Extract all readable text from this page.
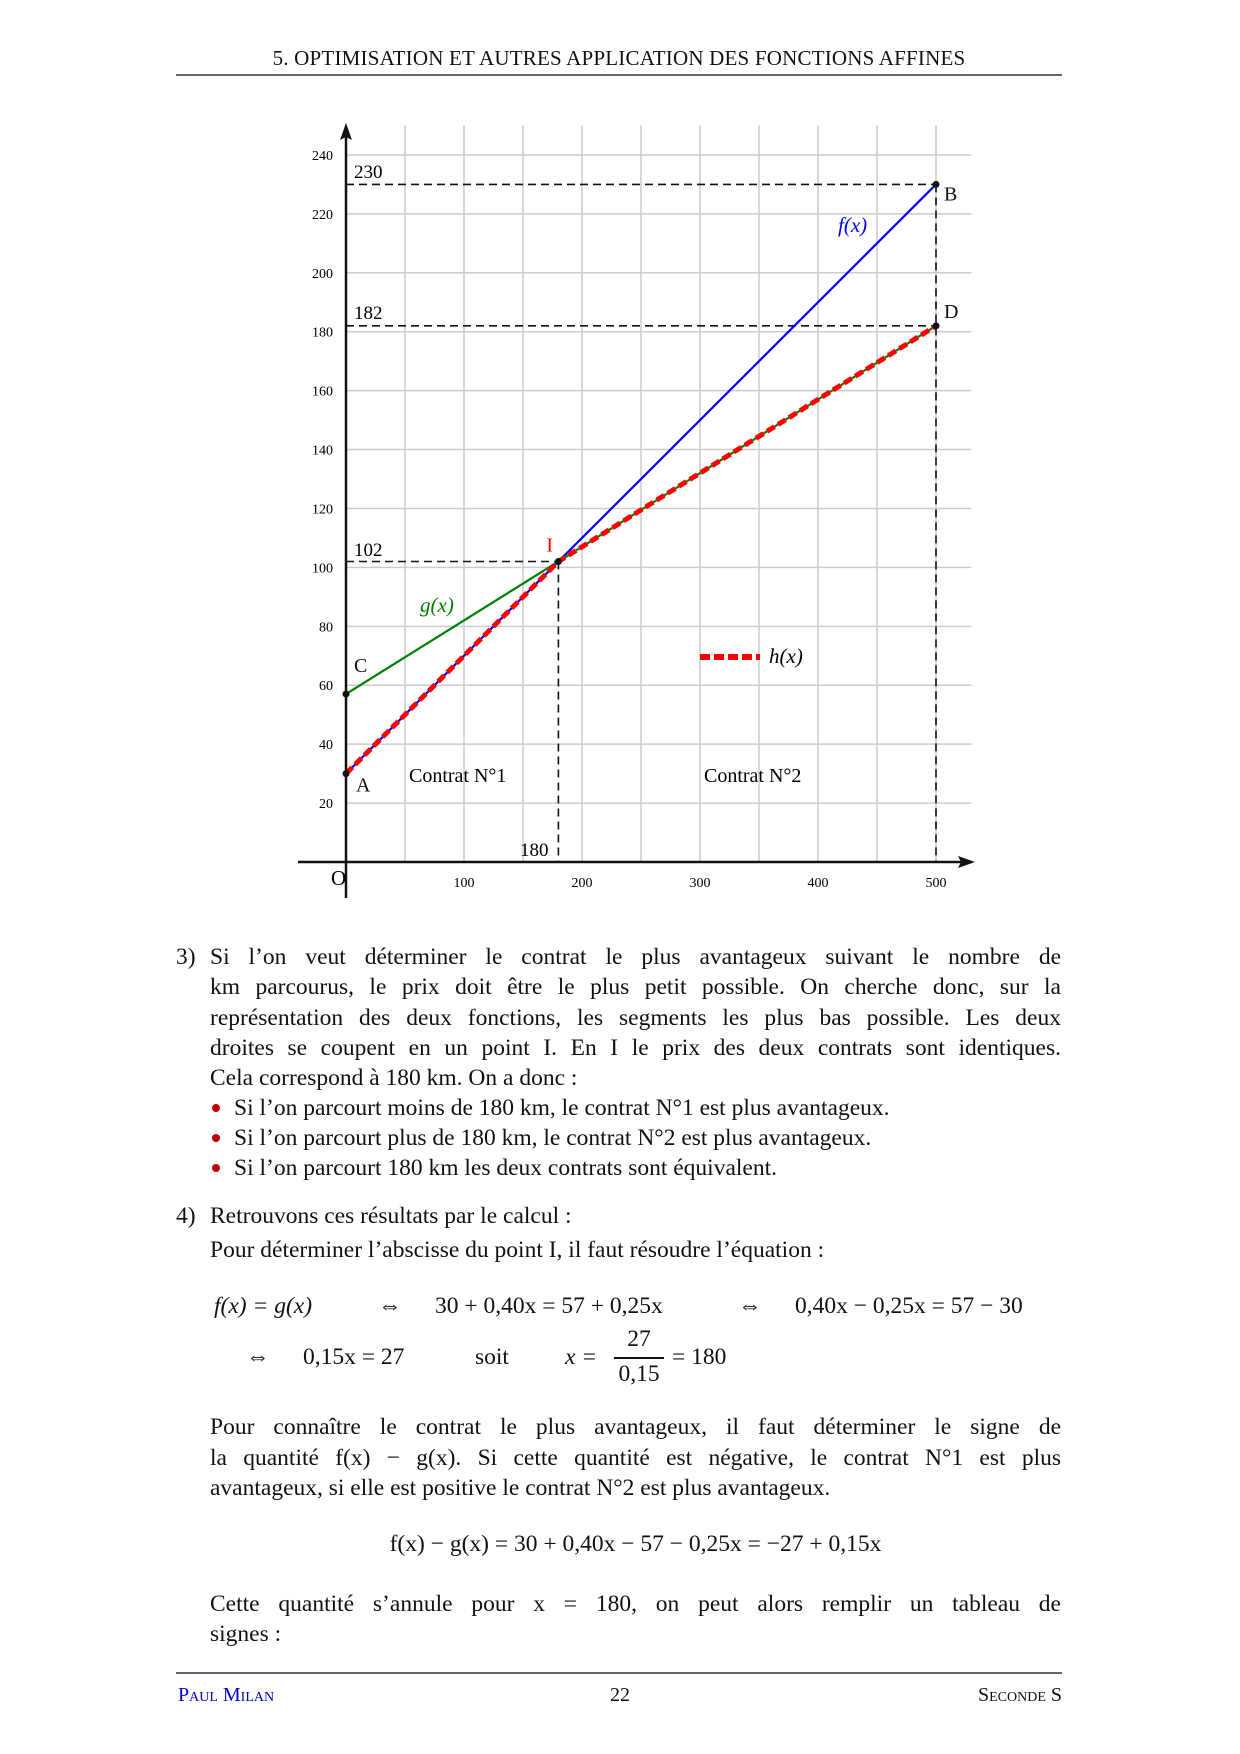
5. OPTIMISATION ET AUTRES APPLICATION DES FONCTIONS AFFINES
100	200	300	400	500
20
40
60
80
100
120
140
160
180
200
220
240
A
C
I
B
D
O
230
182
102
180
Contrat N°1	Contrat N°2
f(x)
g(x)
h(x)
3) Si l’on veut déterminer le contrat le plus avantageux suivant le nombre de
km parcourus, le prix doit être le plus petit possible. On cherche donc, sur la
représentation des deux fonctions, les segments les plus bas possible. Les deux
droites se coupent en un point I. En I le prix des deux contrats sont identiques.
Cela correspond à 180 km. On a donc :
Si l’on parcourt moins de 180 km, le contrat N°1 est plus avantageux.
Si l’on parcourt plus de 180 km, le contrat N°2 est plus avantageux.
Si l’on parcourt 180 km les deux contrats sont équivalent.
4) Retrouvons ces résultats par le calcul :
Pour déterminer l’abscisse du point I, il faut résoudre l’équation :
f(x) = g(x)	⇔ 30 + 0,40x = 57 + 0,25x	⇔ 0,40x − 0,25x = 57 − 30
⇔ 0,15x = 27	soit x =
27
0,15
= 180
Pour connaître le contrat le plus avantageux, il faut déterminer le signe de
la quantité f(x) − g(x). Si cette quantité est négative, le contrat N°1 est plus
avantageux, si elle est positive le contrat N°2 est plus avantageux.
f(x) − g(x) = 30 + 0,40x − 57 − 0,25x = −27 + 0,15x
Cette quantité s’annule pour x = 180, on peut alors remplir un tableau de
signes :
Paul Milan	22	Seconde S
